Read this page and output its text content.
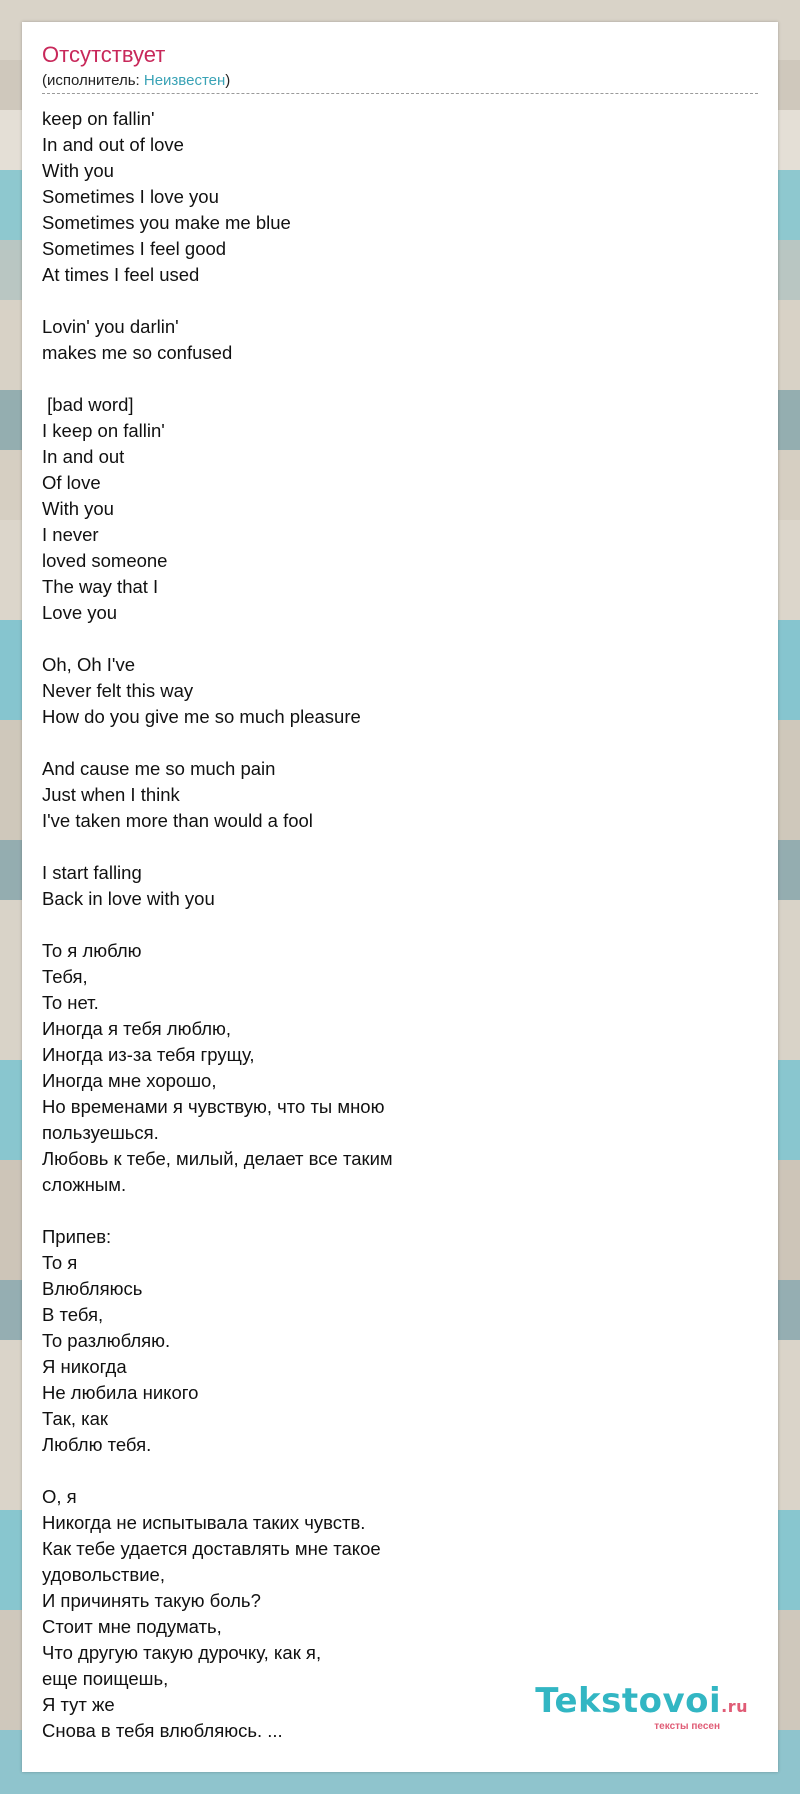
Отсутствует
(исполнитель: Неизвестен)
keep on fallin'
In and out of love
With you
Sometimes I love you
Sometimes you make me blue
Sometimes I feel good
At times I feel used
Lovin' you darlin'
makes me so confused
[bad word]
I keep on fallin'
In and out
Of love
With you
I never
loved someone
The way that I
Love you
Oh, Oh I've
Never felt this way
How do you give me so much pleasure
And cause me so much pain
Just when I think
I've taken more than would a fool
I start falling
Back in love with you
То я люблю
Тебя,
То нет.
Иногда я тебя люблю,
Иногда из-за тебя грущу,
Иногда мне хорошо,
Но временами я чувствую, что ты мною
пользуешься.
Любовь к тебе, милый, делает все таким
сложным.
Припев:
То я
Влюбляюсь
В тебя,
То разлюбляю.
Я никогда
Не любила никого
Так, как
Люблю тебя.
О, я
Никогда не испытывала таких чувств.
Как тебе удается доставлять мне такое
удовольствие,
И причинять такую боль?
Стоит мне подумать,
Что другую такую дурочку, как я,
еще поищешь,
Я тут же
Снова в тебя влюбляюсь. ...
Tekstovoi.ru
тексты песен
